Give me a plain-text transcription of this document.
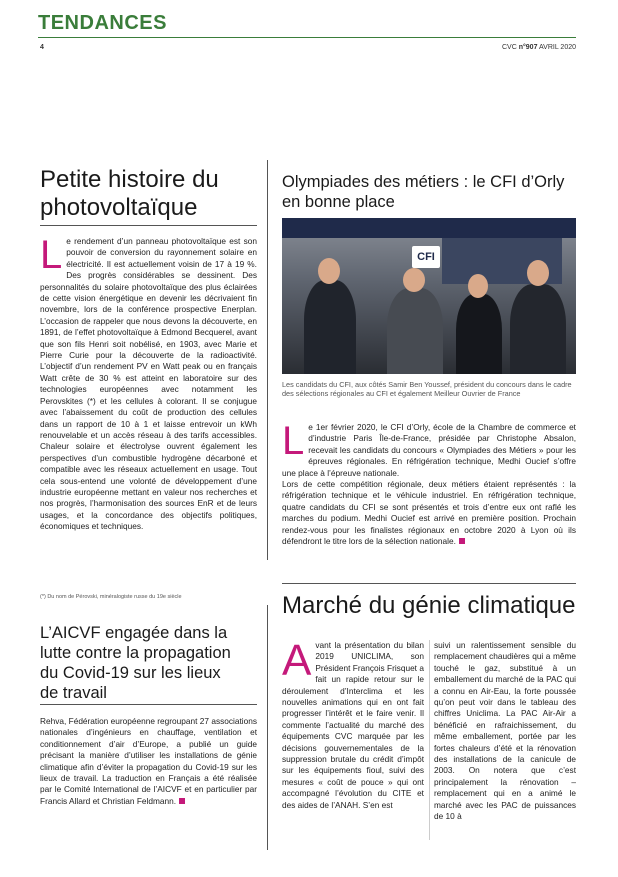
TENDANCES
4	CVC n°907 AVRIL 2020
Petite histoire du photovoltaïque
L e rendement d’un panneau photovoltaïque est son pouvoir de conversion du rayonnement solaire en électricité. Il est actuellement voisin de 17 à 19 %. Des progrès considérables se dessinent. Des personnalités du solaire photovoltaïque des plus éclairées de cette vision énergétique en devenir les décrivaient fin novembre, lors de la conférence prospective Enerplan. L’occasion de rappeler que nous devons la découverte, en 1891, de l’effet photovoltaïque à Edmond Becquerel, avant que son fils Henri soit nobélisé, en 1903, avec Marie et Pierre Curie pour la découverte de la radioactivité. L’objectif d’un rendement PV en Watt peak ou en français Watt crête de 30 % est atteint en laboratoire sur des technologies européennes avec notamment les Perovskites (*) et les cellules à colorant. Il se conjugue avec l’abaissement du coût de production des cellules dans un rapport de 10 à 1 et laisse entrevoir un kWh renouvelable et un accès réseau à des tarifs accessibles. Chaleur solaire et électrolyse ouvrent également les perspectives d’un combustible hydrogène décarboné et compatible avec les réseaux actuellement en usage. Tout cela sous-entend une volonté de développement d’une industrie européenne mettant en valeur nos recherches et nos progrès, l’harmonisation des sources EnR et de leurs usages, et la concordance des objectifs politiques, économiques et techniques.
(*) Du nom de Pérovski, minéralogiste russe du 19e siècle
L’AICVF engagée dans la lutte contre la propagation du Covid-19 sur les lieux de travail
Rehva, Fédération européenne regroupant 27 associations nationales d’ingénieurs en chauffage, ventilation et conditionnement d’air d’Europe, a publié un guide précisant la manière d’utiliser les installations de génie climatique afin d’éviter la propagation du Covid-19 sur les lieux de travail. La traduction en Français a été réalisée par le Comité International de l’AICVF et en particulier par Francis Allard et Christian Feldmann.
Olympiades des métiers : le CFI d’Orly en bonne place
CFI
Les candidats du CFI, aux côtés Samir Ben Youssef, président du concours dans le cadre des sélections régionales au CFI et également Meilleur Ouvrier de France
L e 1er février 2020, le CFI d’Orly, école de la Chambre de commerce et d’industrie Paris Île-de-France, présidée par Christophe Absalon, recevait les candidats du concours « Olympiades des Métiers » pour les épreuves régionales. En réfrigération technique, Medhi Oucief s’offre une place à l’épreuve nationale.
Lors de cette compétition régionale, deux métiers étaient représentés : la réfrigération technique et le véhicule industriel. En réfrigération technique, quatre candidats du CFI se sont présentés et trois d’entre eux ont raflé les marches du podium. Medhi Oucief est arrivé en première position. Prochain rendez-vous pour les finalistes régionaux en octobre 2020 à Lyon où ils défendront le titre lors de la sélection nationale.
Marché du génie climatique
A vant la présentation du bilan 2019 UNICLIMA, son Président François Frisquet a fait un rapide retour sur le déroulement d’Interclima et les nouvelles animations qui en ont fait progresser l’intérêt et le faire venir. Il commente l’actualité du marché des équipements CVC marquée par les décisions gouvernementales de la suppression brutale du crédit d’impôt sur les équipements fioul, suivi des mesures « coût de pouce » qui ont accompagné l’évolution du CITE et des aides de l’ANAH. S’en est
suivi un ralentissement sensible du remplacement chaudières qui a même touché le gaz, substitué à un emballement du marché de la PAC qui a connu en Air-Eau, la forte poussée qu’on peut voir dans le tableau des chiffres Uniclima. La PAC Air-Air a bénéficié en rafraichissement, du même emballement, portée par les fortes chaleurs d’été et la rénovation des installations de la canicule de 2003. On notera que c’est principalement la rénovation – remplacement qui en a animé le marché avec les PAC de puissances de 10 à
